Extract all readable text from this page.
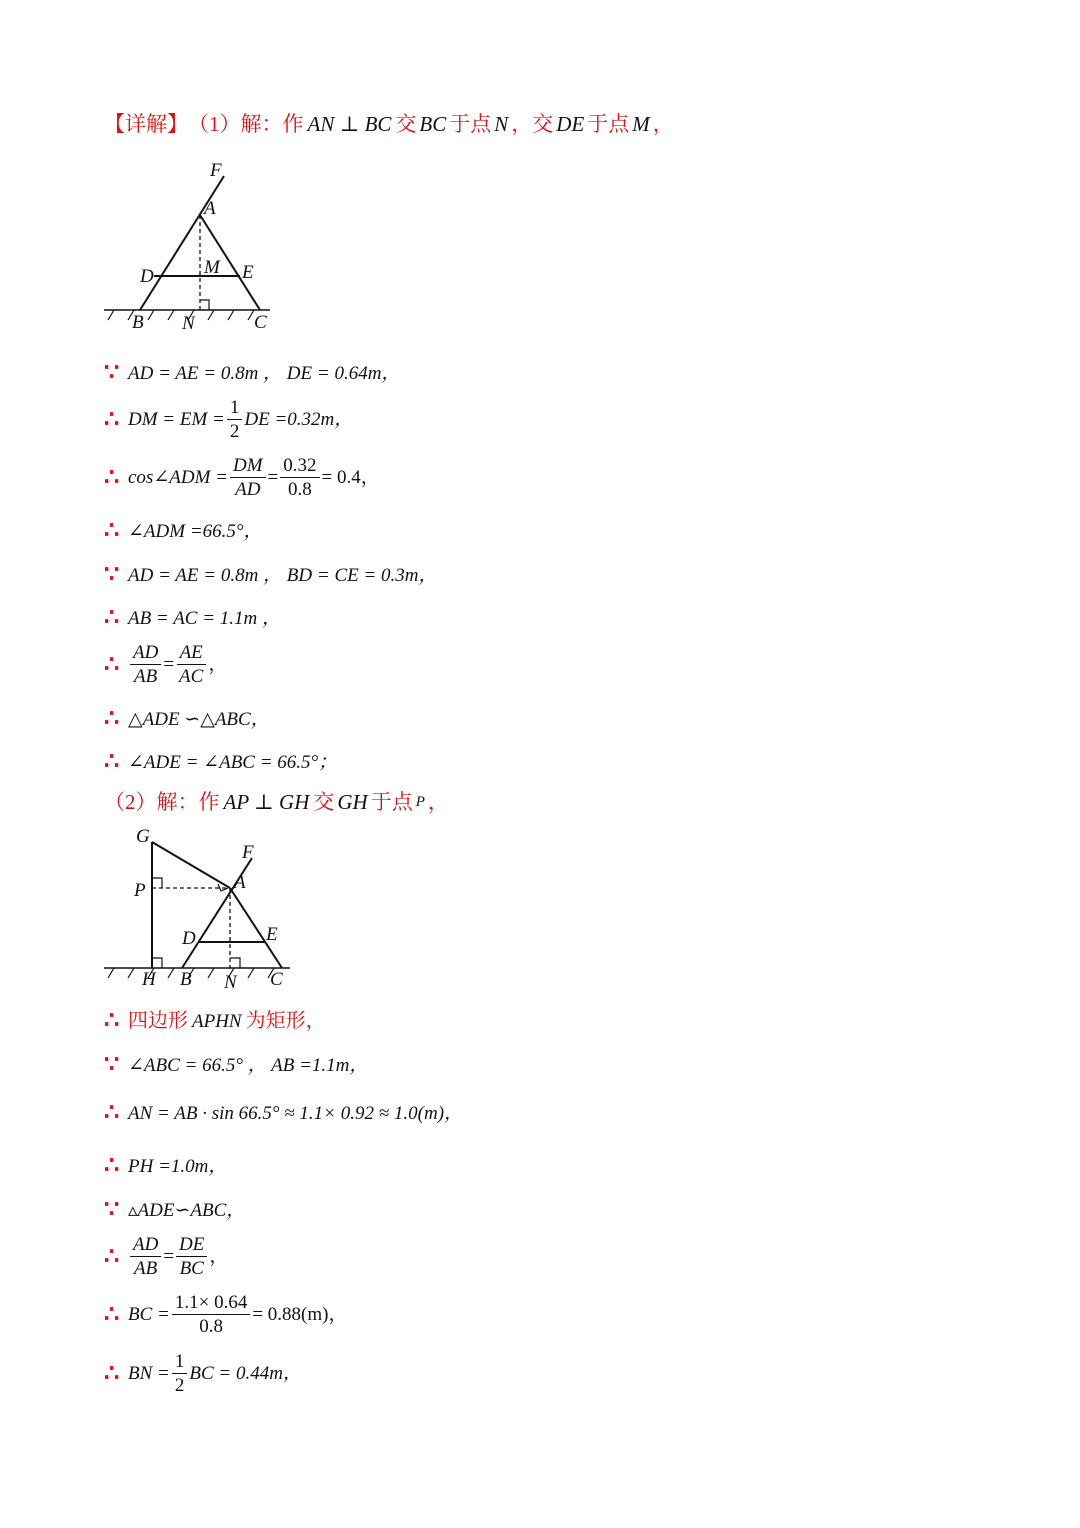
【详解】 （1）解：作 AN ⊥ BC 交 BC 于点 N ， 交 DE 于点 M ，
F
A
D	M E
B N	C
∵ AD = AE = 0.8m ， DE = 0.64m，
∴ DM = EM = $\frac{1}{2}$ DE =0.32m，
∴ cos∠ADM = $\frac{DM}{AD} = \frac{0.32}{0.8} = 0.4$，
∴ ∠ADM =66.5°，
∵ AD = AE = 0.8m ， BD = CE = 0.3m，
∴ AB = AC = 1.1m ，
∴ $\frac{AD}{AB} = \frac{AE}{AC}$ ，
∴ △ADE ∽△ABC，
∴ ∠ADE = ∠ABC = 66.5°；
（2）解：作 AP ⊥ GH 交 GH 于点 P ，
G
F
P	A
D	E
H B N C
∴ 四边形 APHN 为矩形，
∵ ∠ABC = 66.5° ， AB =1.1m，
∴ AN = AB · sin 66.5° ≈ 1.1× 0.92 ≈ 1.0(m)，
∴ PH =1.0m，
∵ ▵ADE∽ABC，
∴ $\frac{AD}{AB} = \frac{DE}{BC}$ ，
∴ BC = $\frac{1.1\times 0.64}{0.8} = 0.88(m)$，
∴ BN = $\frac{1}{2}$ BC = 0.44m，
